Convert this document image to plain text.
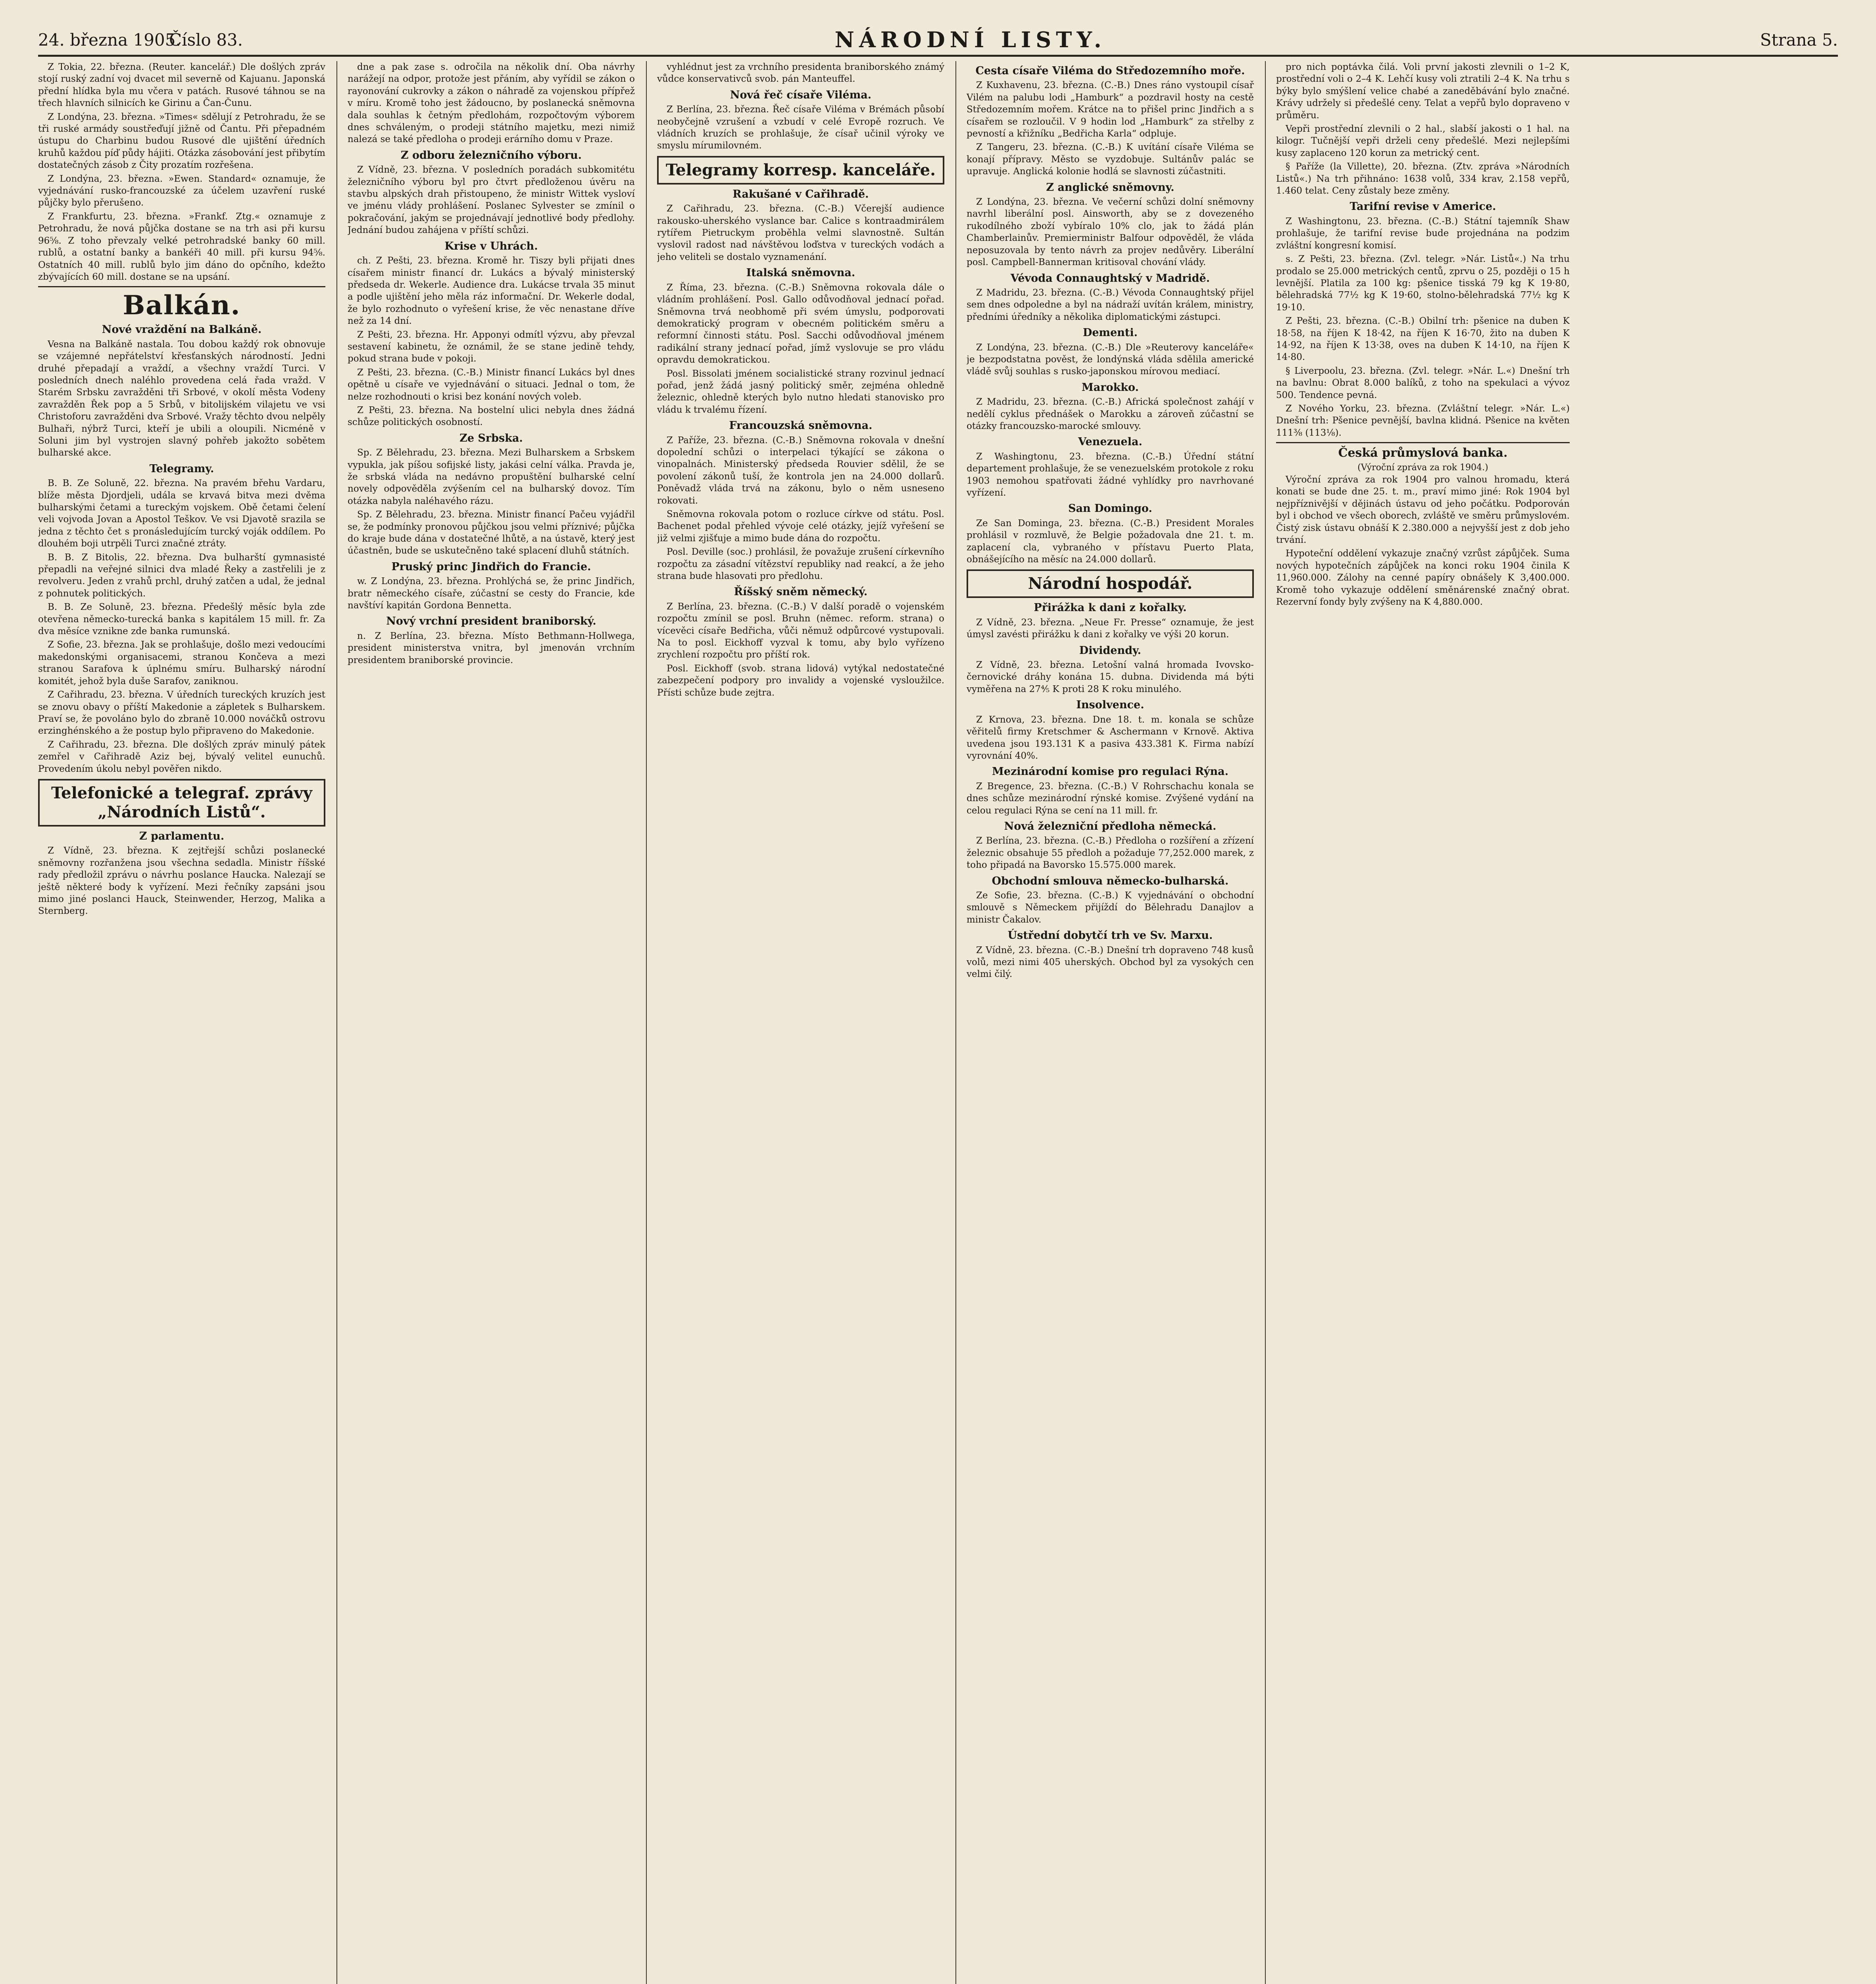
24. března 1905.
Číslo 83.	NÁRODNÍ LISTY.	Strana 5.

Z Tokia, 22. března. (Reuter. kancelář.) Dle došlých zpráv stojí ruský zadní voj dvacet mil severně od Kajuanu. Japonská přední hlídka byla mu včera v patách. Rusové táhnou se na třech hlavních silnicích ke Girinu a Čan-Čunu.

Z Londýna, 23. března. »Times« sdělují z Petrohradu, že se tři ruské armády soustřeďují jižně od Čantu. Při přepadném ústupu do Charbinu budou Rusové dle ujištění úředních kruhů každou píď půdy hájiti. Otázka zásobování jest přibytím dostatečných zásob z Čity prozatím rozřešena.

Z Londýna, 23. března. »Ewen. Standard« oznamuje, že vyjednávání rusko-francouzské za účelem uzavření ruské půjčky bylo přerušeno.

Z Frankfurtu, 23. března. »Frankf. Ztg.« oznamuje z Petrohradu, že nová půjčka dostane se na trh asi při kursu 96⅝. Z toho převzaly velké petrohradské banky 60 mill. rublů, a ostatní banky a bankéři 40 mill. při kursu 94⅝. Ostatních 40 mill. rublů bylo jim dáno do opčního, kdežto zbývajících 60 mill. dostane se na upsání.

Balkán.
Nové vraždění na Balkáně.

Vesna na Balkáně nastala. Tou dobou každý rok obnovuje se vzájemné nepřátelství křesťanských národností. Jedni druhé přepadají a vraždí, a všechny vraždí Turci. V posledních dnech naléhlo provedena celá řada vražd. V Starém Srbsku zavražděni tři Srbové, v okolí města Vodeny zavražděn Řek pop a 5 Srbů, v bitolijském vilajetu ve vsi Christoforu zavražděni dva Srbové. Vražy těchto dvou nelpěly Bulhaři, nýbrž Turci, kteří je ubili a oloupili. Nicméně v Soluni jim byl vystrojen slavný pohřeb jakožto sobětem bulharské akce.

Telegramy.

B. B. Ze Soluně, 22. března. Na pravém břehu Vardaru, blíže města Djordjeli, udála se krvavá bitva mezi dvěma bulharskými četami a tureckým vojskem. Obě četami čelení veli vojvoda Jovan a Apostol Teškov. Ve vsi Djavotě srazila se jedna z těchto čet s pronásledujícím turcký voják oddílem. Po dlouhém boji utrpěli Turci značné ztráty.

B. B. Z Bitolis, 22. března. Dva bulharští gymnasisté přepadli na veřejné silnici dva mladé Řeky a zastřelili je z revolveru. Jeden z vrahů prchl, druhý zatčen a udal, že jednal z pohnutek politických.

B. B. Ze Soluně, 23. března. Předešlý měsíc byla zde otevřena německo-turecká banka s kapitálem 15 mill. fr. Za dva měsíce vznikne zde banka rumunská.

Z Sofie, 23. března. Jak se prohlašuje, došlo mezi vedoucími makedonskými organisacemi, stranou Končeva a mezi stranou Sarafova k úplnému smíru. Bulharský národní komitét, jehož byla duše Sarafov, zaniknou.

Z Cařihradu, 23. března. V úředních tureckých kruzích jest se znovu obavy o příští Makedonie a zápletek s Bulharskem. Praví se, že povoláno bylo do zbraně 10.000 nováčků ostrovu erzinghénského a že postup bylo připraveno do Makedonie.

Z Cařihradu, 23. března. Dle došlých zpráv minulý pátek zemřel v Cařihradě Aziz bej, bývalý velitel eunuchů. Provedením úkolu nebyl pověřen nikdo.

Telefonické a telegraf. zprávy
„Národních Listů“.
Z parlamentu.

Z Vídně, 23. března. K zejtřejší schůzi poslanecké sněmovny rozřanžena jsou všechna sedadla. Ministr říšské rady předložil zprávu o návrhu poslance Haucka. Nalezají se ještě některé body k vyřízení. Mezi řečníky zapsáni jsou mimo jiné poslanci Hauck, Steinwender, Herzog, Malika a Sternberg.

dne a pak zase s. odročila na několik dní. Oba návrhy narážejí na odpor, protože jest přáním, aby vyřídil se zákon o rayonování cukrovky a zákon o náhradě za vojenskou přípřež v míru. Kromě toho jest žádoucno, by poslanecká sněmovna dala souhlas k četným předlohám, rozpočtovým výborem dnes schváleným, o prodeji státního majetku, mezi nimiž nalezá se také předloha o prodeji erárního domu v Praze.

Z odboru železničního výboru.

Z Vídně, 23. března. V posledních poradách subkomitétu železničního výboru byl pro čtvrt předloženou úvěru na stavbu alpských drah přistoupeno, že ministr Wittek vysloví ve jménu vlády prohlášení. Poslanec Sylvester se zmínil o pokračování, jakým se projednávají jednotlivé body předlohy. Jednání budou zahájena v příští schůzi.

Krise v Uhrách.

ch. Z Pešti, 23. března. Kromě hr. Tiszy byli přijati dnes císařem ministr financí dr. Lukács a bývalý ministerský předseda dr. Wekerle. Audience dra. Lukácse trvala 35 minut a podle ujištění jeho měla ráz informační. Dr. Wekerle dodal, že bylo rozhodnuto o vyřešení krise, že věc nenastane dříve než za 14 dní.

Z Pešti, 23. března. Hr. Apponyi odmítl výzvu, aby převzal sestavení kabinetu, že oznámil, že se stane jedině tehdy, pokud strana bude v pokoji.

Z Pešti, 23. března. (C.-B.) Ministr financí Lukács byl dnes opětně u císaře ve vyjednávání o situaci. Jednal o tom, že nelze rozhodnouti o krisi bez konání nových voleb.

Z Pešti, 23. března. Na bostelní ulici nebyla dnes žádná schůze politických osobností.

Ze Srbska.

Sp. Z Bělehradu, 23. března. Mezi Bulharskem a Srbskem vypukla, jak píšou sofijské listy, jakási celní válka. Pravda je, že srbská vláda na nedávno propuštění bulharské celní novely odpověděla zvýšením cel na bulharský dovoz. Tím otázka nabyla naléhavého rázu.

Sp. Z Bělehradu, 23. března. Ministr financí Pačeu vyjádřil se, že podmínky pronovou půjčkou jsou velmi příznivé; půjčka do kraje bude dána v dostatečné lhůtě, a na ústavě, který jest účastněn, bude se uskutečněno také splacení dluhů státních.

Pruský princ Jindřich do Francie.

w. Z Londýna, 23. března. Prohlýchá se, že princ Jindřich, bratr německého císaře, zúčastní se cesty do Francie, kde navštíví kapitán Gordona Bennetta.

Nový vrchní president braniborský.

n. Z Berlína, 23. března. Místo Bethmann-Hollwega, president ministerstva vnitra, byl jmenován vrchním presidentem braniborské provincie.

vyhlédnut jest za vrchního presidenta braniborského známý vůdce konservativců svob. pán Manteuffel.

Nová řeč císaře Viléma.

Z Berlína, 23. března. Řeč císaře Viléma v Brémách působí neobyčejně vzrušení a vzbudí v celé Evropě rozruch. Ve vládních kruzích se prohlašuje, že císař učinil výroky ve smyslu mírumilovném.

Telegramy korresp. kanceláře.
Rakušané v Cařihradě.

Z Cařihradu, 23. března. (C.-B.) Včerejší audience rakousko-uherského vyslance bar. Calice s kontraadmirálem rytířem Pietruckym proběhla velmi slavnostně. Sultán vyslovil radost nad návštěvou loďstva v tureckých vodách a jeho veliteli se dostalo vyznamenání.

Italská sněmovna.

Z Říma, 23. března. (C.-B.) Sněmovna rokovala dále o vládním prohlášení. Posl. Gallo odůvodňoval jednací pořad. Sněmovna trvá neobhomě při svém úmyslu, podporovati demokratický program v obecném politickém směru a reformní činnosti státu. Posl. Sacchi odůvodňoval jménem radikální strany jednací pořad, jímž vyslovuje se pro vládu opravdu demokratickou.

Posl. Bissolati jménem socialistické strany rozvinul jednací pořad, jenž žádá jasný politický směr, zejména ohledně železnic, ohledně kterých bylo nutno hledati stanovisko pro vládu k trvalému řízení.

Francouzská sněmovna.

Z Paříže, 23. března. (C.-B.) Sněmovna rokovala v dnešní dopolední schůzi o interpelaci týkající se zákona o vinopalnách. Ministerský předseda Rouvier sdělil, že se povolení zákonů tuší, že kontrola jen na 24.000 dollarů. Poněvadž vláda trvá na zákonu, bylo o něm usneseno rokovati.

Sněmovna rokovala potom o rozluce církve od státu. Posl. Bachenet podal přehled vývoje celé otázky, jejíž vyřešení se již velmi zjišťuje a mimo bude dána do rozpočtu.

Posl. Deville (soc.) prohlásil, že považuje zrušení církevního rozpočtu za zásadní vítězství republiky nad reakcí, a že jeho strana bude hlasovati pro předlohu.

Říšský sněm německý.

Z Berlína, 23. března. (C.-B.) V další poradě o vojenském rozpočtu zmínil se posl. Bruhn (němec. reform. strana) o vícevěci císaře Bedřicha, vůči němuž odpůrcové vystupovali. Na to posl. Eickhoff vyzval k tomu, aby bylo vyřízeno zrychlení rozpočtu pro příští rok.

Posl. Eickhoff (svob. strana lidová) vytýkal nedostatečné zabezpečení podpory pro invalidy a vojenské vysloužilce. Přísti schůze bude zejtra.

Cesta císaře Viléma do Středozemního moře.

Z Kuxhavenu, 23. března. (C.-B.) Dnes ráno vystoupil císař Vilém na palubu lodi „Hamburk“ a pozdravil hosty na cestě Středozemním mořem. Krátce na to přišel princ Jindřich a s císařem se rozloučil. V 9 hodin lod „Hamburk“ za střelby z pevností a křižníku „Bedřicha Karla“ odpluje.

Z Tangeru, 23. března. (C.-B.) K uvítání císaře Viléma se konají přípravy. Město se vyzdobuje. Sultánův palác se upravuje. Anglická kolonie hodlá se slavnosti zúčastniti.

Z anglické sněmovny.

Z Londýna, 23. března. Ve večerní schůzi dolní sněmovny navrhl liberální posl. Ainsworth, aby se z dovezeného rukodílného zboží vybíralo 10% clo, jak to žádá plán Chamberlainův. Premierministr Balfour odpověděl, že vláda neposuzovala by tento návrh za projev nedůvěry. Liberální posl. Campbell-Bannerman kritisoval chování vlády.

Vévoda Connaughtský v Madridě.

Z Madridu, 23. března. (C.-B.) Vévoda Connaughtský přijel sem dnes odpoledne a byl na nádraží uvítán králem, ministry, předními úředníky a několika diplomatickými zástupci.

Dementi.

Z Londýna, 23. března. (C.-B.) Dle »Reuterovy kanceláře« je bezpodstatna pověst, že londýnská vláda sdělila americké vládě svůj souhlas s rusko-japonskou mírovou mediací.

Marokko.

Z Madridu, 23. března. (C.-B.) Africká společnost zahájí v nedělí cyklus přednášek o Marokku a zároveň zúčastní se otázky francouzsko-marocké smlouvy.

Venezuela.

Z Washingtonu, 23. března. (C.-B.) Úřední státní departement prohlašuje, že se venezuelském protokole z roku 1903 nemohou spatřovati žádné vyhlídky pro navrhované vyřízení.

San Domingo.

Ze San Dominga, 23. března. (C.-B.) President Morales prohlásil v rozmluvě, že Belgie požadovala dne 21. t. m. zaplacení cla, vybraného v přístavu Puerto Plata, obnášejícího na měsíc na 24.000 dollarů.

Národní hospodář.
Přirážka k dani z kořalky.

Z Vídně, 23. března. „Neue Fr. Presse“ oznamuje, že jest úmysl zavésti přirážku k dani z kořalky ve výši 20 korun.

Dividendy.

Z Vídně, 23. března. Letošní valná hromada Ivovsko-černovické dráhy konána 15. dubna. Dividenda má býti vyměřena na 27⅘ K proti 28 K roku minulého.

Insolvence.

Z Krnova, 23. března. Dne 18. t. m. konala se schůze věřitelů firmy Kretschmer & Aschermann v Krnově. Aktiva uvedena jsou 193.131 K a pasiva 433.381 K. Firma nabízí vyrovnání 40%.

Mezinárodní komise pro regulaci Rýna.

Z Bregence, 23. března. (C.-B.) V Rohrschachu konala se dnes schůze mezinárodní rýnské komise. Zvýšené vydání na celou regulaci Rýna se cení na 11 mill. fr.

Nová železniční předloha německá.

Z Berlína, 23. března. (C.-B.) Předloha o rozšíření a zřízení železnic obsahuje 55 předloh a požaduje 77,252.000 marek, z toho připadá na Bavorsko 15.575.000 marek.

Obchodní smlouva německo-bulharská.

Ze Sofie, 23. března. (C.-B.) K vyjednávání o obchodní smlouvě s Německem přijíždí do Bělehradu Danajlov a ministr Čakalov.

Ústřední dobytčí trh ve Sv. Marxu.

Z Vídně, 23. března. (C.-B.) Dnešní trh dopraveno 748 kusů volů, mezi nimi 405 uherských. Obchod byl za vysokých cen velmi čilý.

pro nich poptávka čilá. Voli první jakosti zlevnili o 1–2 K, prostřední voli o 2–4 K. Lehčí kusy voli ztratili 2–4 K. Na trhu s býky bylo smýšlení velice chabé a zaneděbávání bylo značné. Krávy udržely si předešlé ceny. Telat a vepřů bylo dopraveno v průměru.

Vepři prostřední zlevnili o 2 hal., slabší jakosti o 1 hal. na kilogr. Tučnější vepři drželi ceny předešlé. Mezi nejlepšími kusy zaplaceno 120 korun za metrický cent.

§ Paříže (la Villette), 20. března. (Ztv. zpráva »Národních Listů«.) Na trh přihnáno: 1638 volů, 334 krav, 2.158 vepřů, 1.460 telat. Ceny zůstaly beze změny.

Tarifní revise v Americe.

Z Washingtonu, 23. března. (C.-B.) Státní tajemník Shaw prohlašuje, že tarifní revise bude projednána na podzim zvláštní kongresní komisí.

s. Z Pešti, 23. března. (Zvl. telegr. »Nár. Listů«.) Na trhu prodalo se 25.000 metrických centů, zprvu o 25, později o 15 h levnější. Platila za 100 kg: pšenice tisská 79 kg K 19·80, bělehradská 77½ kg K 19·60, stolno-bělehradská 77½ kg K 19·10.

Z Pešti, 23. března. (C.-B.) Obilní trh: pšenice na duben K 18·58, na říjen K 18·42, na říjen K 16·70, žito na duben K 14·92, na říjen K 13·38, oves na duben K 14·10, na říjen K 14·80.

§ Liverpoolu, 23. března. (Zvl. telegr. »Nár. L.«) Dnešní trh na bavlnu: Obrat 8.000 balíků, z toho na spekulaci a vývoz 500. Tendence pevná.

Z Nového Yorku, 23. března. (Zvláštní telegr. »Nár. L.«) Dnešní trh: Pšenice pevnější, bavlna klidná. Pšenice na květen 111⅜ (113⅛).

Česká průmyslová banka.
(Výroční zpráva za rok 1904.)

Výroční zpráva za rok 1904 pro valnou hromadu, která konati se bude dne 25. t. m., praví mimo jiné: Rok 1904 byl nejpříznivější v dějinách ústavu od jeho počátku. Podporován byl i obchod ve všech oborech, zvláště ve směru průmyslovém. Čistý zisk ústavu obnáší K 2.380.000 a nejvyšší jest z dob jeho trvání.

Hypoteční oddělení vykazuje značný vzrůst zápůjček. Suma nových hypotečních zápůjček na konci roku 1904 činila K 11,960.000. Zálohy na cenné papíry obnášely K 3,400.000. Kromě toho vykazuje oddělení směnárenské značný obrat. Rezervní fondy byly zvýšeny na K 4,880.000.
